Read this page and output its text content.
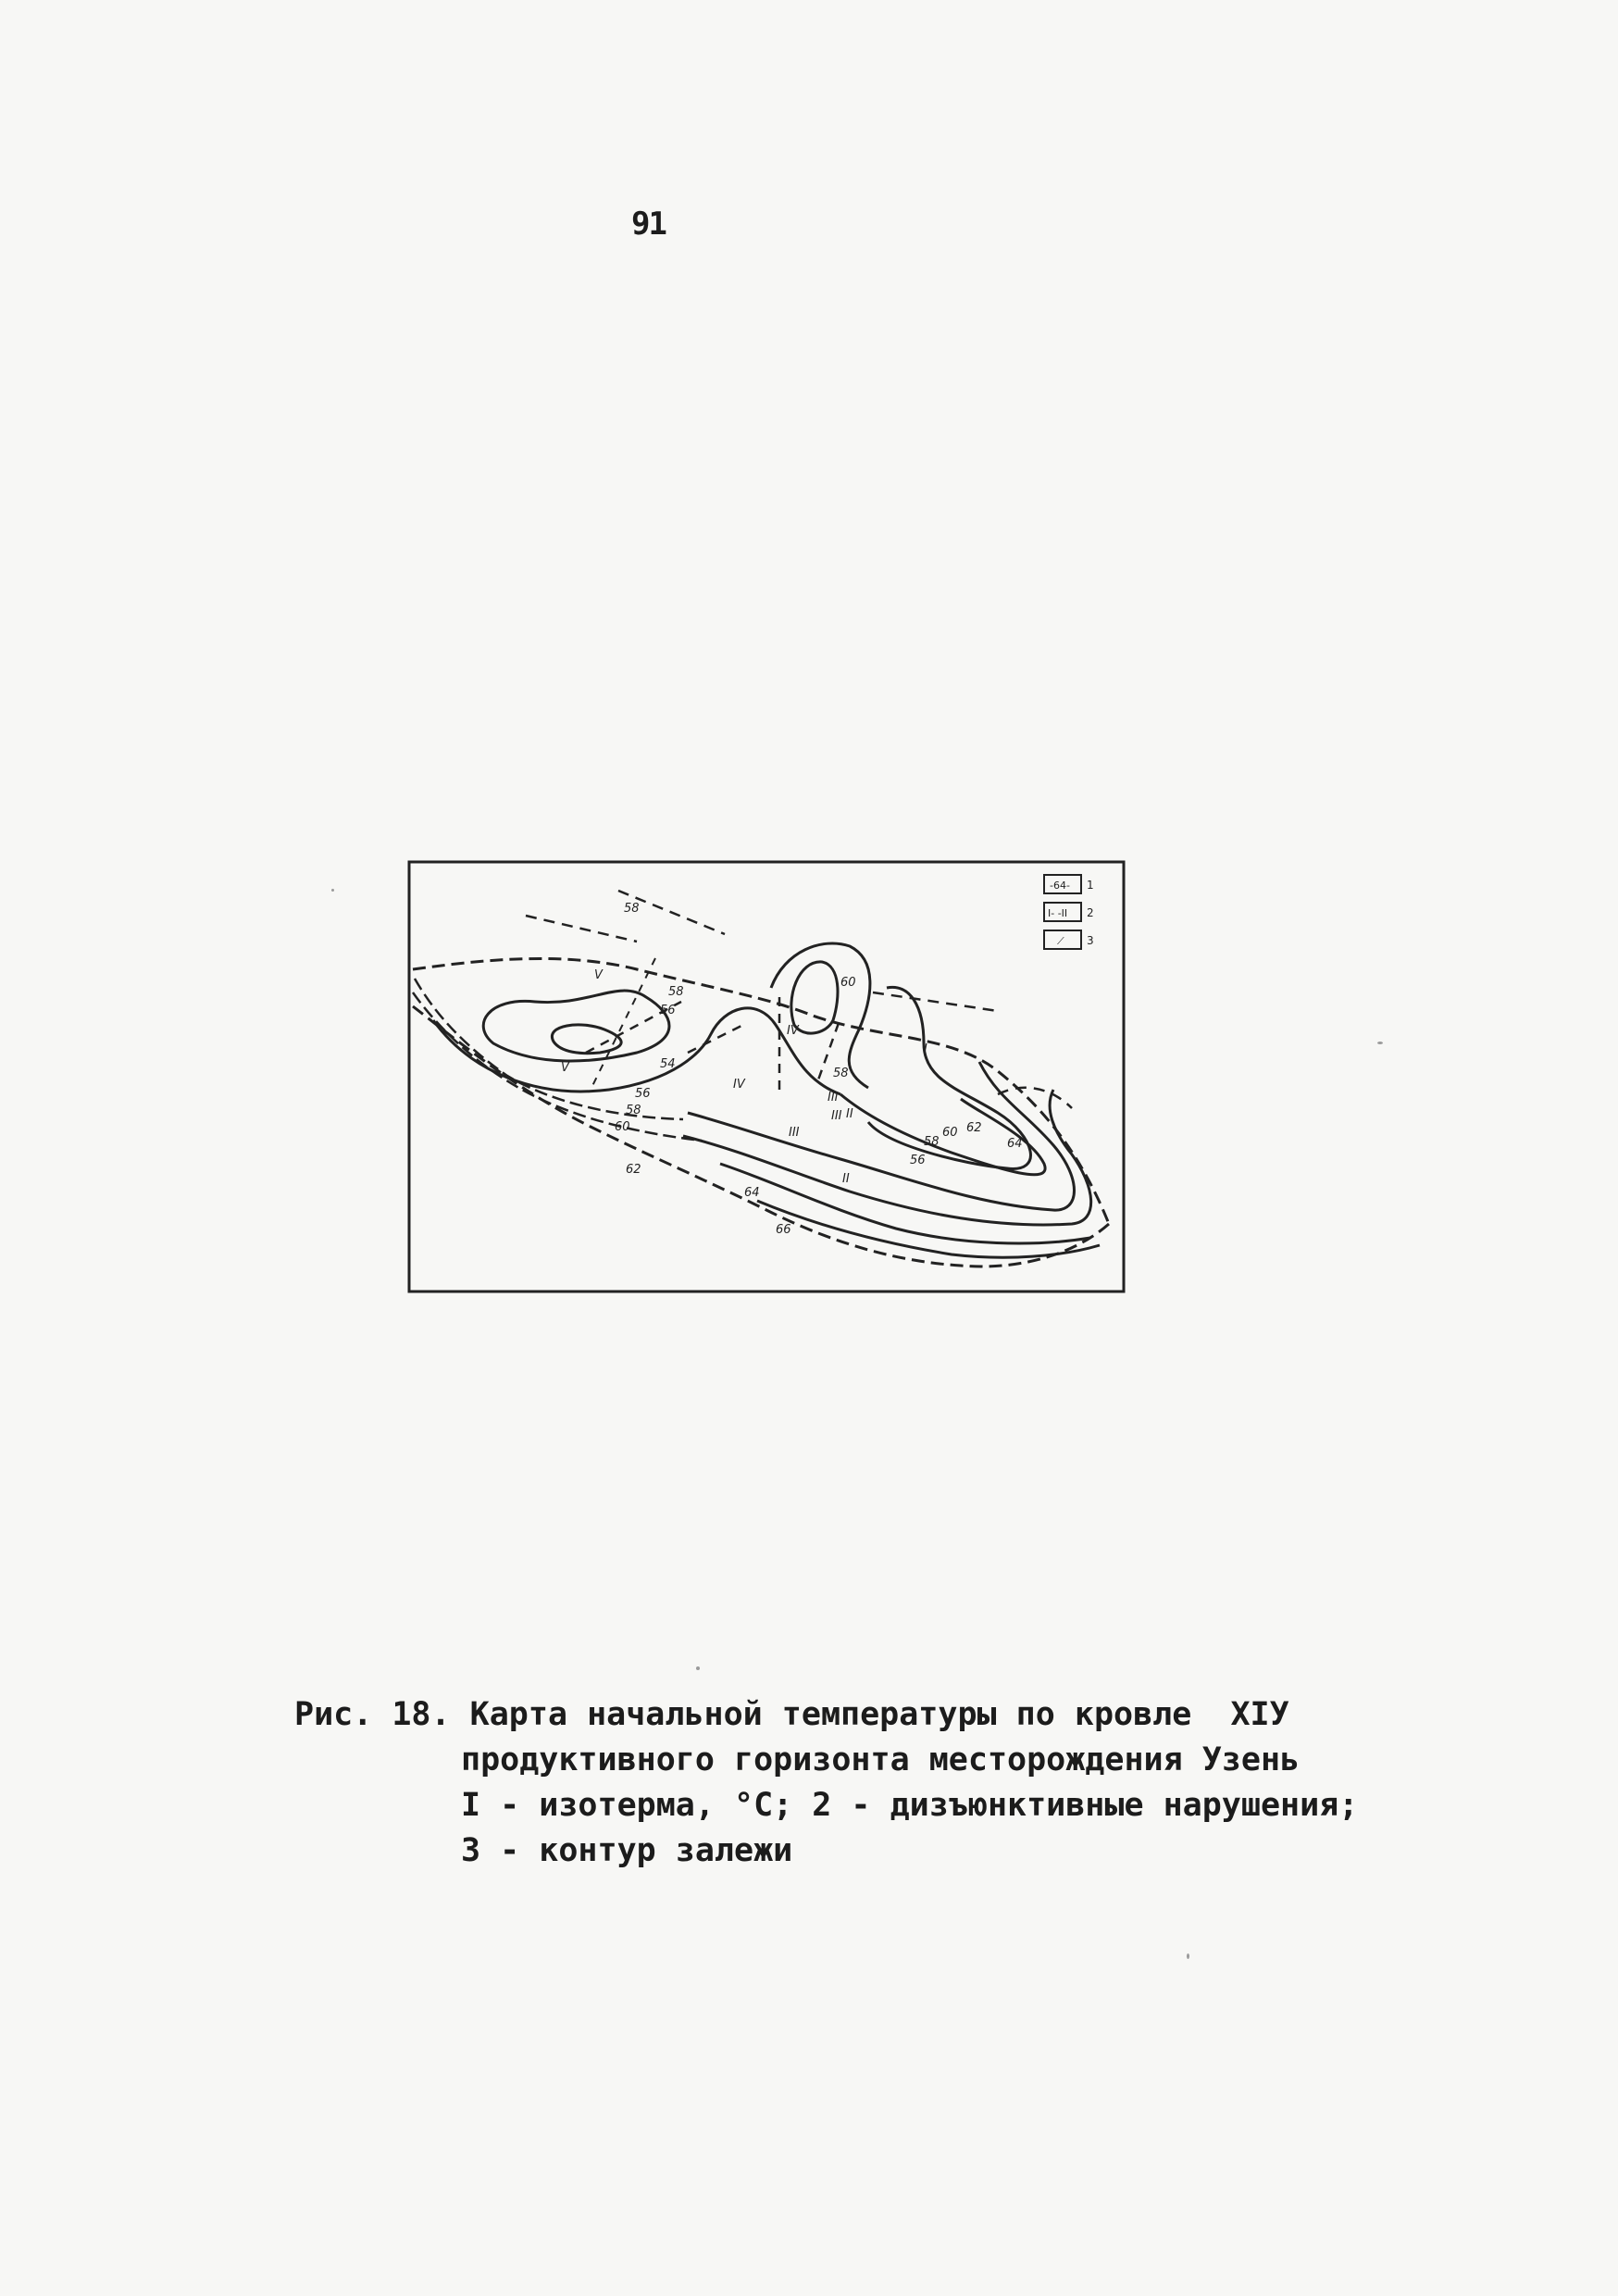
91
58
58
56
54
56
58
60
62
58
60
58
56
60 62
64
64
66
V
V
IV
IV
III
III
III II
II
I
-64- 1
I- -II 2
⟋ 3
Рис. 18. Карта начальной температуры по кровле  XIУ
продуктивного горизонта месторождения Узень
I - изотерма, °C; 2 - дизъюнктивные нарушения;
3 - контур залежи
